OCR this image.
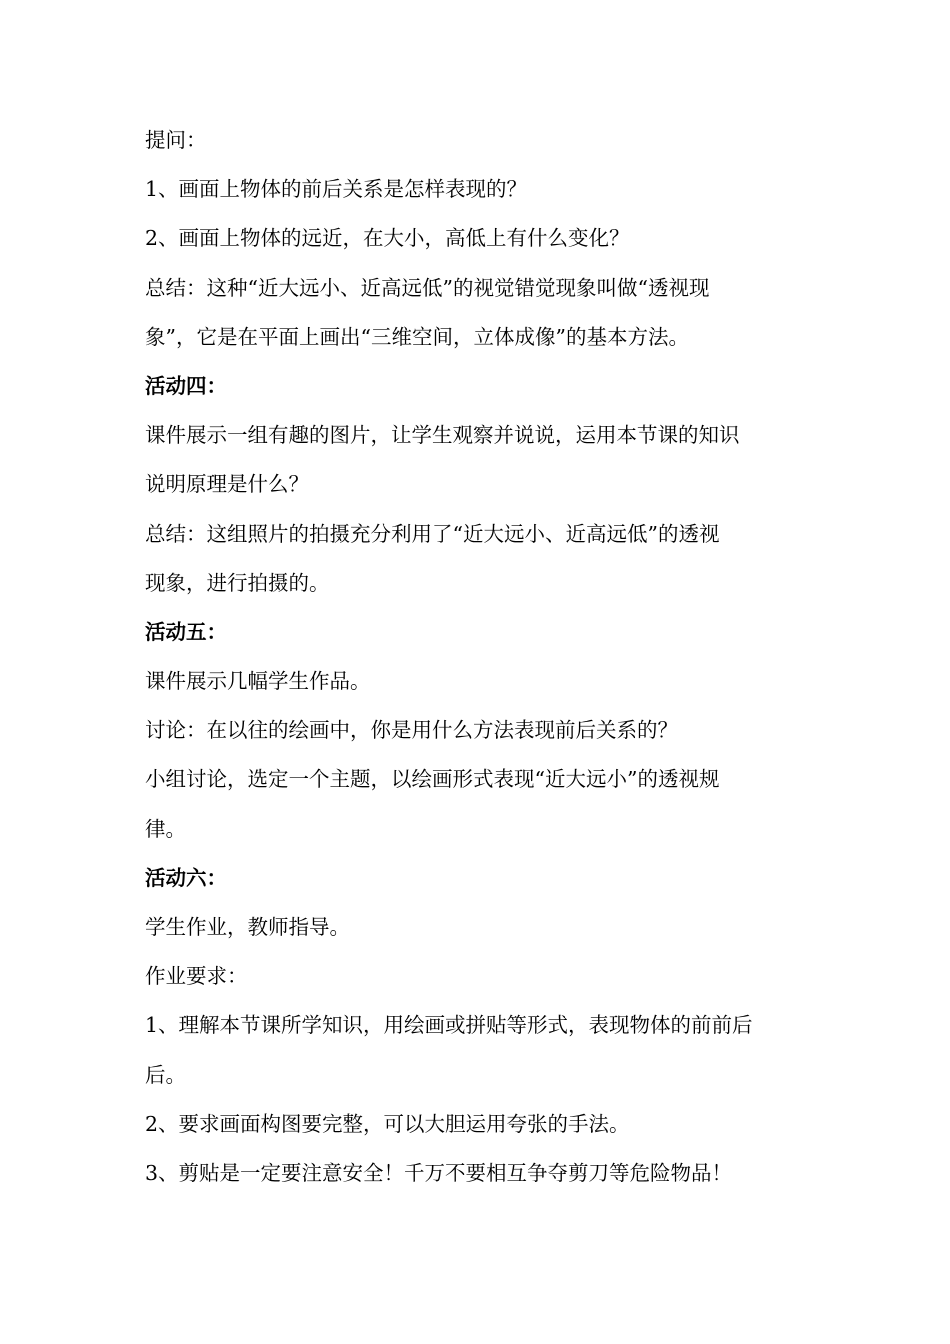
提问：
1、画面上物体的前后关系是怎样表现的？
2、画面上物体的远近，在大小，高低上有什么变化？
总结：这种“近大远小、近高远低”的视觉错觉现象叫做“透视现
象”，它是在平面上画出“三维空间，立体成像”的基本方法。
活动四：
课件展示一组有趣的图片，让学生观察并说说，运用本节课的知识
说明原理是什么？
总结：这组照片的拍摄充分利用了“近大远小、近高远低”的透视
现象，进行拍摄的。
活动五：
课件展示几幅学生作品。
讨论：在以往的绘画中，你是用什么方法表现前后关系的？
小组讨论，选定一个主题，以绘画形式表现“近大远小”的透视规
律。
活动六：
学生作业，教师指导。
作业要求：
1、理解本节课所学知识，用绘画或拼贴等形式，表现物体的前前后
后。
2、要求画面构图要完整，可以大胆运用夸张的手法。
3、剪贴是一定要注意安全！千万不要相互争夺剪刀等危险物品！
